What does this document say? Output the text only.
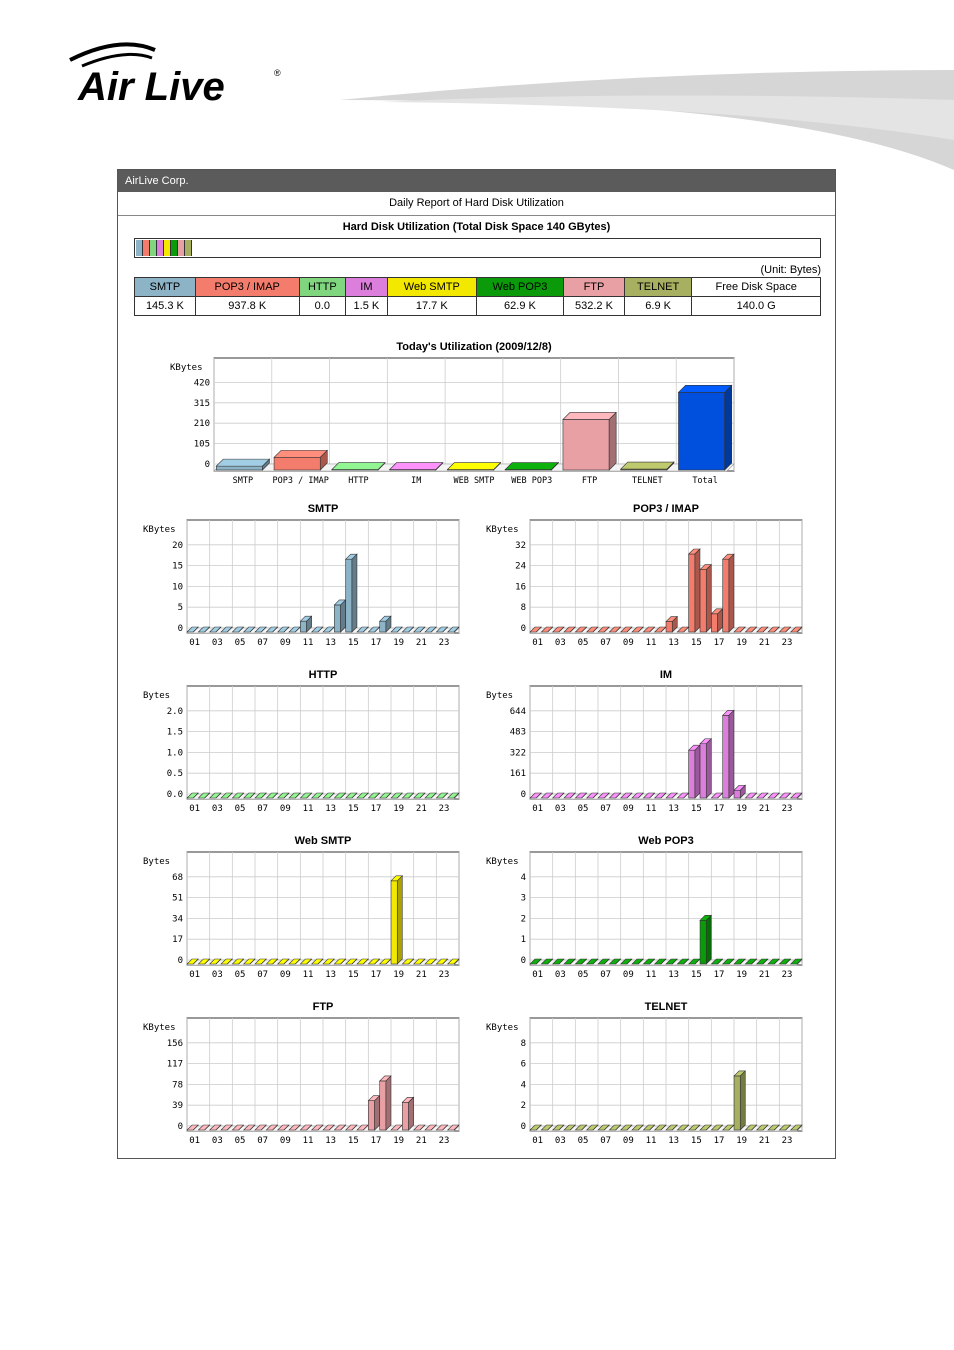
Air Live	®
AirLive Corp.
Daily Report of Hard Disk Utilization
Hard Disk Utilization (Total Disk Space 140 GBytes)
(Unit: Bytes)
SMTP	POP3 / IMAP	HTTP	IM	Web SMTP	Web POP3	FTP	TELNET	Free Disk Space
145.3 K	937.8 K	0.0	1.5 K	17.7 K	62.9 K	532.2 K	6.9 K	140.0 G
Today's Utilization (2009/12/8)
KBytes
0
105
210
315
420
SMTP POP3 / IMAP HTTP	IM	WEB SMTP WEB POP3	FTP	TELNET	Total
SMTP
KBytes
0
5
10
15
20
01 03 05 07 09 11 13 15 17 19 21 23
POP3 / IMAP
KBytes
0
8
16
24
32
01 03 05 07 09 11 13 15 17 19 21 23
HTTP
Bytes
0.0
0.5
1.0
1.5
2.0
01 03 05 07 09 11 13 15 17 19 21 23
IM
Bytes
0
161
322
483
644
01 03 05 07 09 11 13 15 17 19 21 23
Web SMTP
Bytes
0
17
34
51
68
01 03 05 07 09 11 13 15 17 19 21 23
Web POP3
KBytes
0
1
2
3
4
01 03 05 07 09 11 13 15 17 19 21 23
FTP
KBytes
0
39
78
117
156
01 03 05 07 09 11 13 15 17 19 21 23
TELNET
KBytes
0
2
4
6
8
01 03 05 07 09 11 13 15 17 19 21 23
